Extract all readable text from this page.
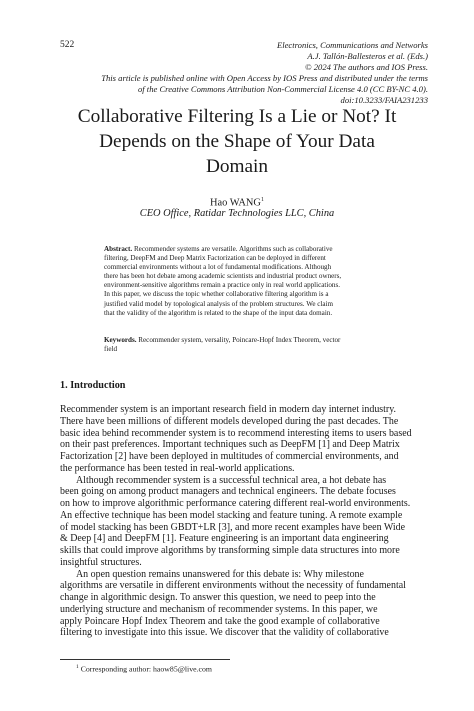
522	Electronics, Communications and Networks
A.J. Tallón-Ballesteros et al. (Eds.)
© 2024 The authors and IOS Press.
This article is published online with Open Access by IOS Press and distributed under the terms
of the Creative Commons Attribution Non-Commercial License 4.0 (CC BY-NC 4.0).
doi:10.3233/FAIA231233
Collaborative Filtering Is a Lie or Not? It
Depends on the Shape of Your Data
Domain
Hao WANG$^1$
CEO Office, Ratidar Technologies LLC, China
Abstract. Recommender systems are versatile. Algorithms such as collaborative
filtering, DeepFM and Deep Matrix Factorization can be deployed in different
commercial environments without a lot of fundamental modifications. Although
there has been hot debate among academic scientists and industrial product owners,
environment-sensitive algorithms remain a practice only in real world applications.
In this paper, we discuss the topic whether collaborative filtering algorithm is a
justified valid model by topological analysis of the problem structures. We claim
that the validity of the algorithm is related to the shape of the input data domain.
Keywords. Recommender system, versality, Poincare-Hopf Index Theorem, vector
field
1. Introduction
Recommender system is an important research field in modern day internet industry.
There have been millions of different models developed during the past decades. The
basic idea behind recommender system is to recommend interesting items to users based
on their past preferences. Important techniques such as DeepFM [1] and Deep Matrix
Factorization [2] have been deployed in multitudes of commercial environments, and
the performance has been tested in real-world applications.
Although recommender system is a successful technical area, a hot debate has
been going on among product managers and technical engineers. The debate focuses
on how to improve algorithmic performance catering different real-world environments.
An effective technique has been model stacking and feature tuning. A remote example
of model stacking has been GBDT+LR [3], and more recent examples have been Wide
& Deep [4] and DeepFM [1]. Feature engineering is an important data engineering
skills that could improve algorithms by transforming simple data structures into more
insightful structures.
An open question remains unanswered for this debate is: Why milestone
algorithms are versatile in different environments without the necessity of fundamental
change in algorithmic design. To answer this question, we need to peep into the
underlying structure and mechanism of recommender systems. In this paper, we
apply Poincare Hopf Index Theorem and take the good example of collaborative
filtering to investigate into this issue. We discover that the validity of collaborative
$^1$ Corresponding author: haow85@live.com
